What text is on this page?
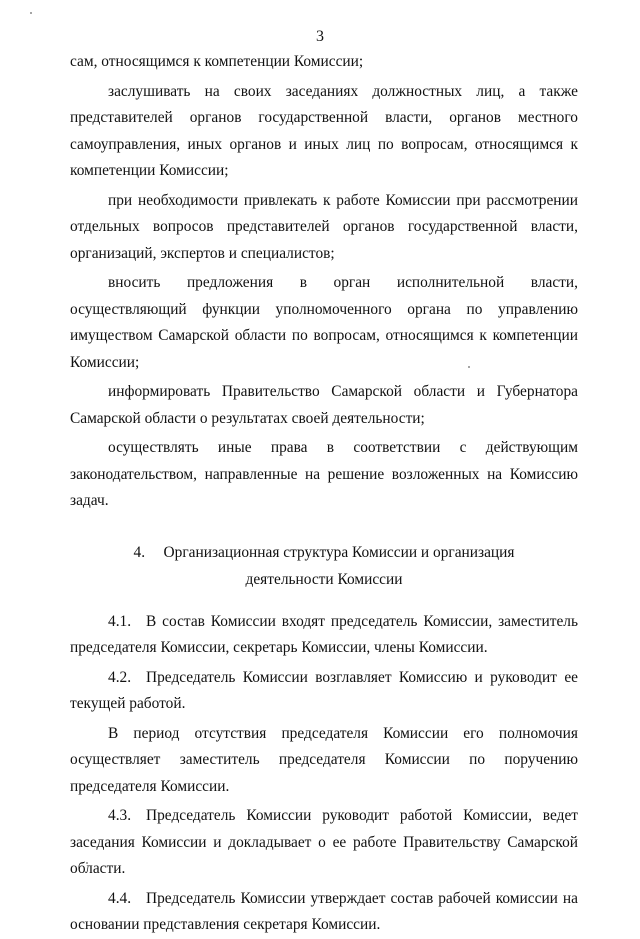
3

сам, относящимся к компетенции Комиссии;

заслушивать на своих заседаниях должностных лиц, а также представителей органов государственной власти, органов местного самоуправления, иных органов и иных лиц по вопросам, относящимся к компетенции Комиссии;

при необходимости привлекать к работе Комиссии при рассмотрении отдельных вопросов представителей органов государственной власти, организаций, экспертов и специалистов;

вносить предложения в орган исполнительной власти, осуществляющий функции уполномоченного органа по управлению имуществом Самарской области по вопросам, относящимся к компетенции Комиссии;

информировать Правительство Самарской области и Губернатора Самарской области о результатах своей деятельности;

осуществлять иные права в соответствии с действующим законодательством, направленные на решение возложенных на Комиссию задач.

4. Организационная структура Комиссии и организация
деятельности Комиссии

4.1. В состав Комиссии входят председатель Комиссии, заместитель председателя Комиссии, секретарь Комиссии, члены Комиссии.

4.2. Председатель Комиссии возглавляет Комиссию и руководит ее текущей работой.

В период отсутствия председателя Комиссии его полномочия осуществляет заместитель председателя Комиссии по поручению председателя Комиссии.

4.3. Председатель Комиссии руководит работой Комиссии, ведет заседания Комиссии и докладывает о ее работе Правительству Самарской области.

4.4. Председатель Комиссии утверждает состав рабочей комиссии на основании представления секретаря Комиссии.
